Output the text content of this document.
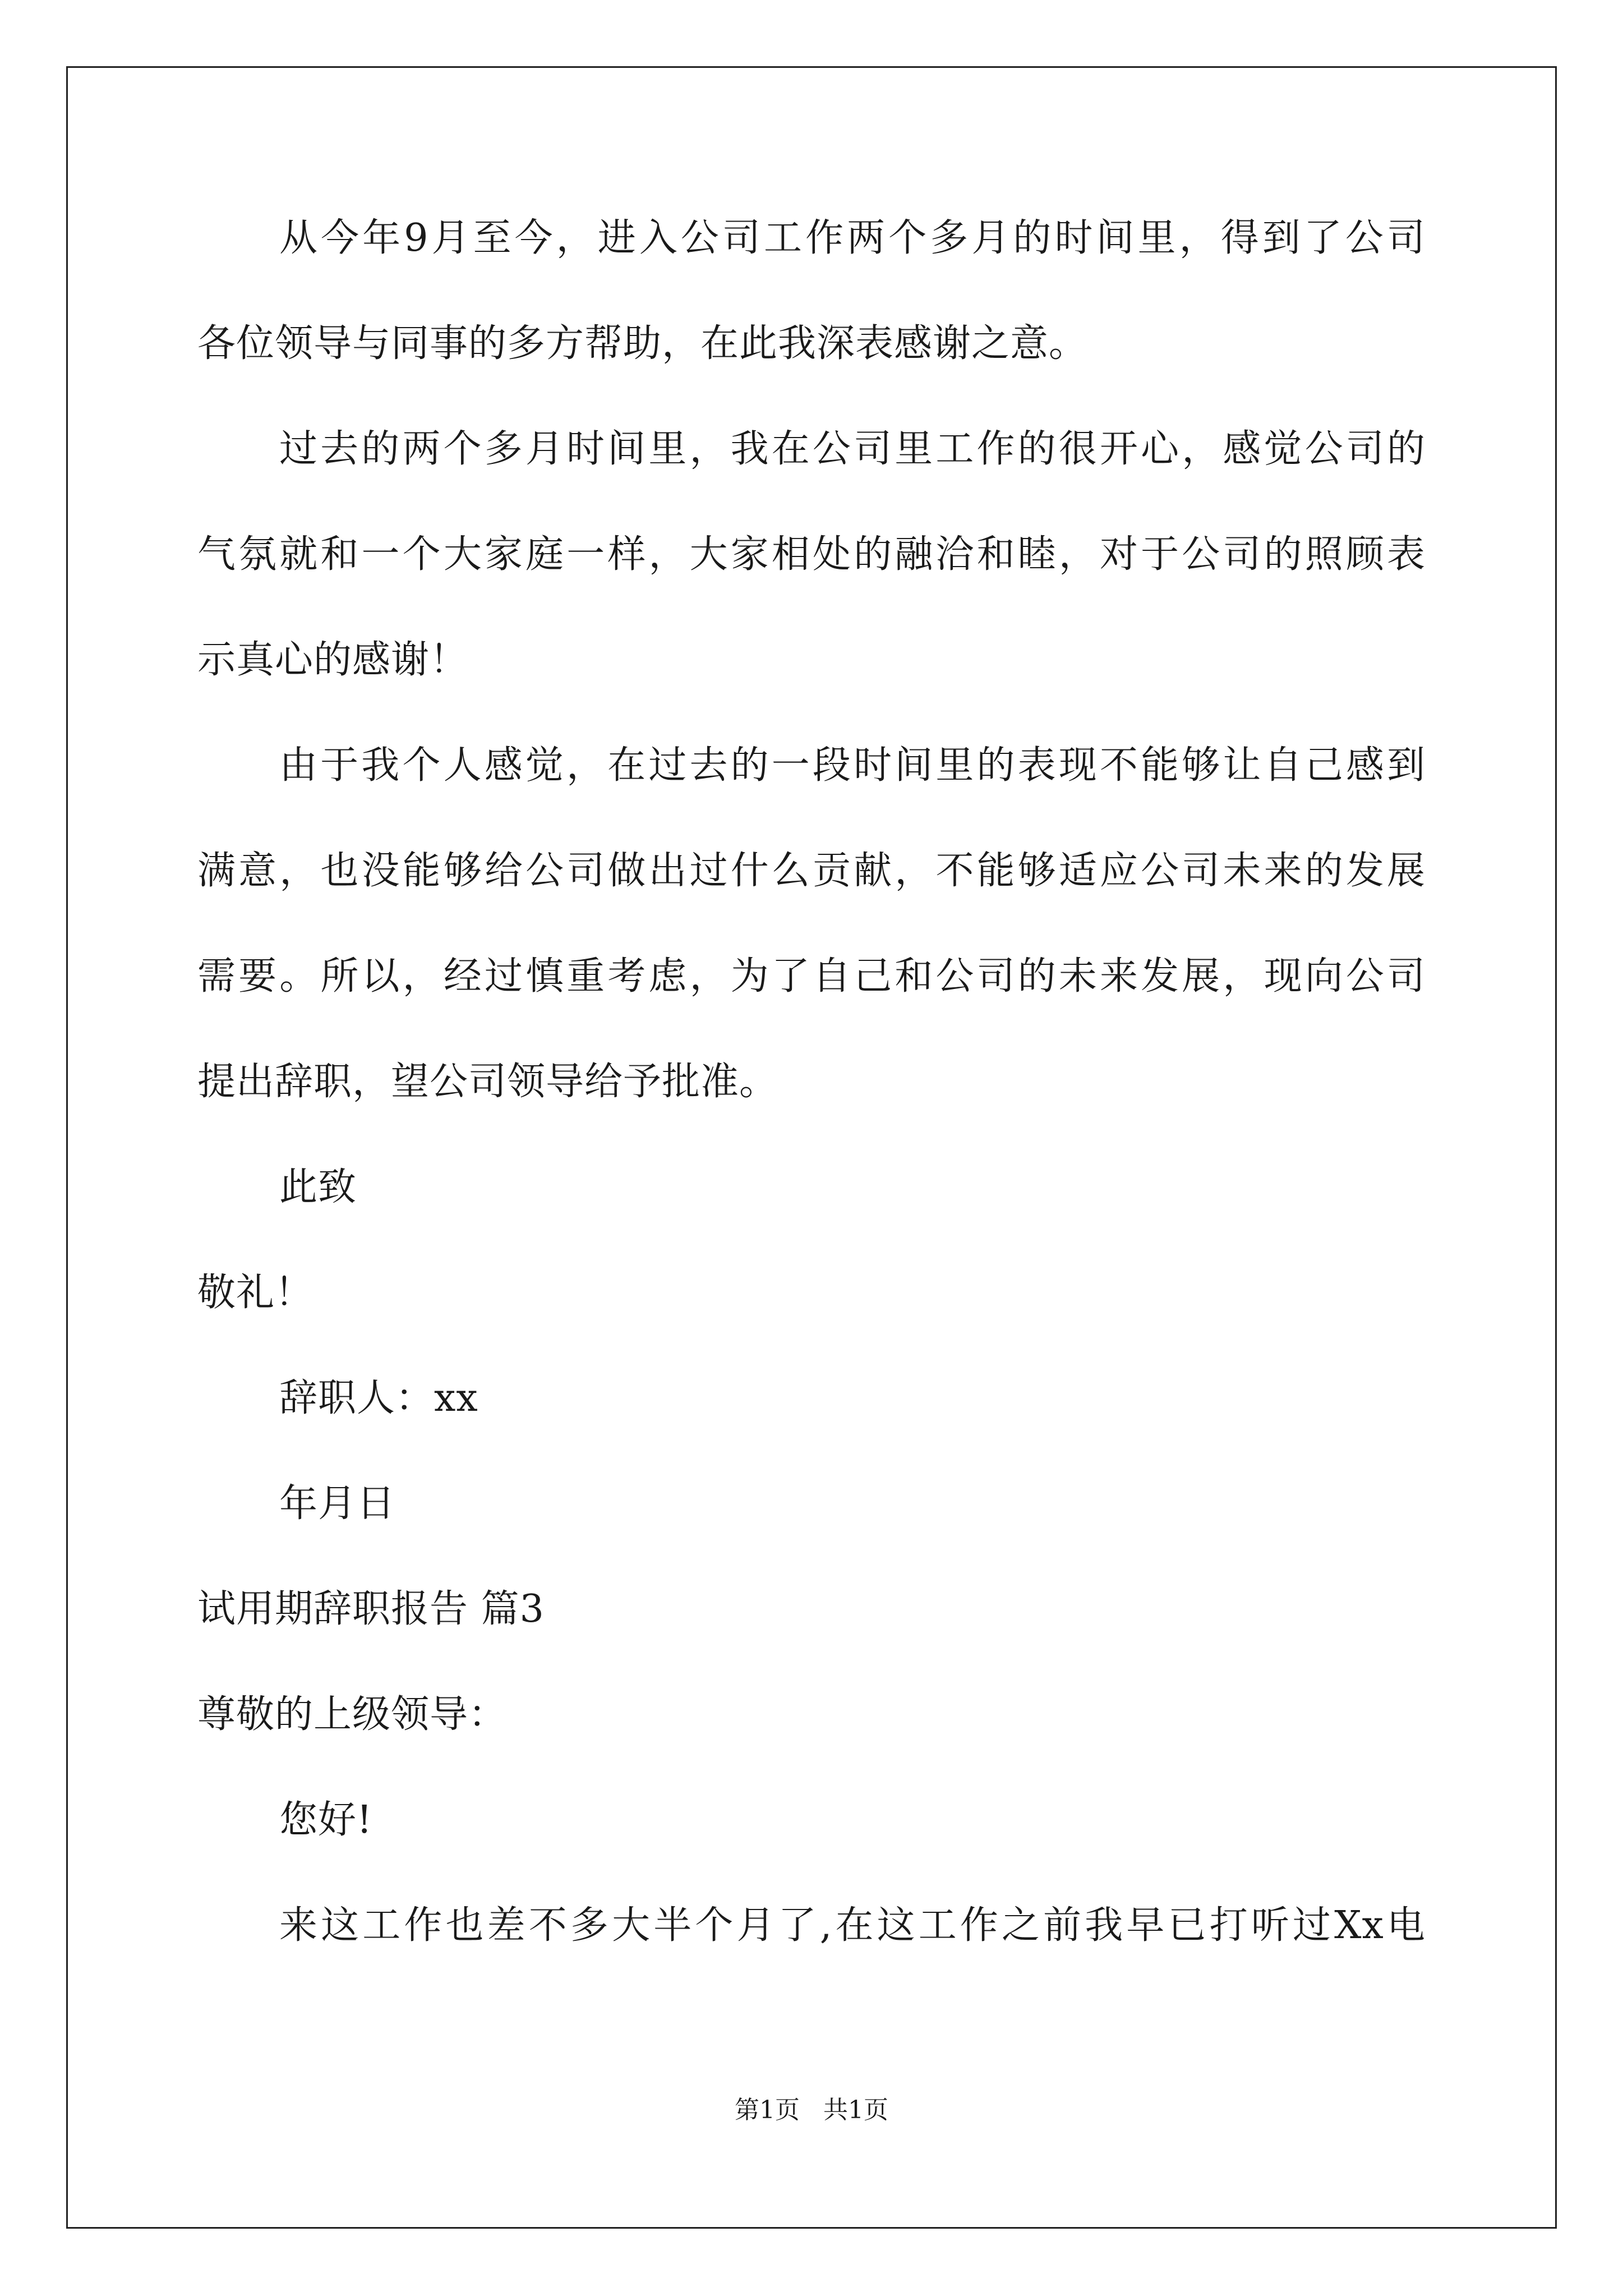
从今年9月至今，进入公司工作两个多月的时间里，得到了公司
各位领导与同事的多方帮助，在此我深表感谢之意。
过去的两个多月时间里，我在公司里工作的很开心，感觉公司的
气氛就和一个大家庭一样，大家相处的融洽和睦，对于公司的照顾表
示真心的感谢！
由于我个人感觉，在过去的一段时间里的表现不能够让自己感到
满意，也没能够给公司做出过什么贡献，不能够适应公司未来的发展
需要。所以，经过慎重考虑，为了自己和公司的未来发展，现向公司
提出辞职，望公司领导给予批准。
此致
敬礼！
辞职人：xx
年月日
试用期辞职报告 篇3
尊敬的上级领导：
您好!
来这工作也差不多大半个月了,在这工作之前我早已打听过Xx电
第1页   共1页
